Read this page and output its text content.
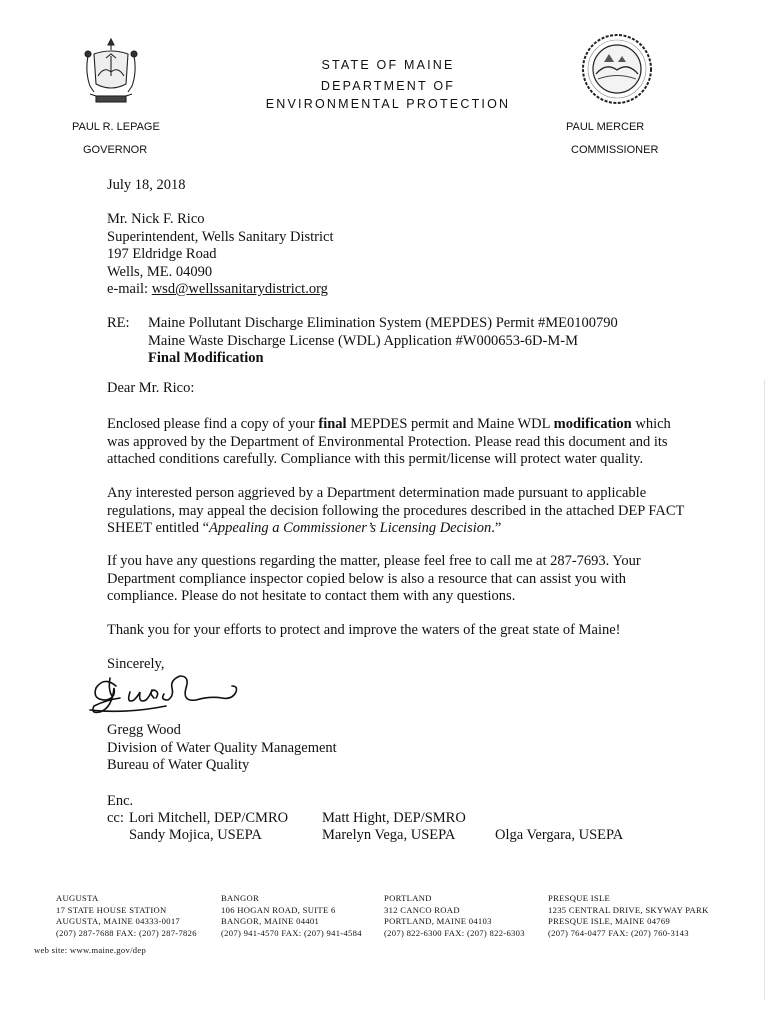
STATE OF MAINE
DEPARTMENT OF
ENVIRONMENTAL PROTECTION
PAUL R. LEPAGE
GOVERNOR
PAUL MERCER
COMMISSIONER
July 18, 2018
Mr. Nick F. Rico
Superintendent, Wells Sanitary District
197 Eldridge Road
Wells, ME. 04090
e-mail: wsd@wellssanitarydistrict.org
RE: Maine Pollutant Discharge Elimination System (MEPDES) Permit #ME0100790
Maine Waste Discharge License (WDL) Application #W000653-6D-M-M
Final Modification
Dear Mr. Rico:
Enclosed please find a copy of your final MEPDES permit and Maine WDL modification which was approved by the Department of Environmental Protection. Please read this document and its attached conditions carefully. Compliance with this permit/license will protect water quality.
Any interested person aggrieved by a Department determination made pursuant to applicable regulations, may appeal the decision following the procedures described in the attached DEP FACT SHEET entitled “Appealing a Commissioner’s Licensing Decision.”
If you have any questions regarding the matter, please feel free to call me at 287-7693. Your Department compliance inspector copied below is also a resource that can assist you with compliance. Please do not hesitate to contact them with any questions.
Thank you for your efforts to protect and improve the waters of the great state of Maine!
Sincerely,
Gregg Wood
Division of Water Quality Management
Bureau of Water Quality
Enc.
cc: Lori Mitchell, DEP/CMRO Matt Hight, DEP/SMRO
Sandy Mojica, USEPA	Marelyn Vega, USEPA	Olga Vergara, USEPA
AUGUSTA
17 STATE HOUSE STATION
AUGUSTA, MAINE 04333-0017
(207) 287-7688 FAX: (207) 287-7826
BANGOR
106 HOGAN ROAD, SUITE 6
BANGOR, MAINE 04401
(207) 941-4570 FAX: (207) 941-4584
PORTLAND
312 CANCO ROAD
PORTLAND, MAINE 04103
(207) 822-6300 FAX: (207) 822-6303
PRESQUE ISLE
1235 CENTRAL DRIVE, SKYWAY PARK
PRESQUE ISLE, MAINE 04769
(207) 764-0477 FAX: (207) 760-3143
web site: www.maine.gov/dep
